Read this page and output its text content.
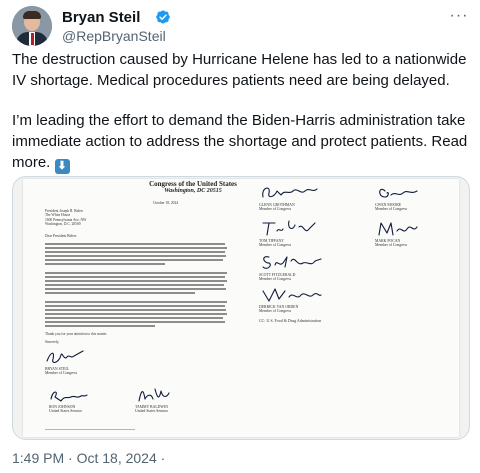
Bryan Steil
@RepBryanSteil
···
The destruction caused by Hurricane Helene has led to a nationwide IV shortage. Medical procedures patients need are being delayed.
I’m leading the effort to demand the Biden-Harris administration take immediate action to address the shortage and protect patients. Read more. ⬇
Congress of the United States
Washington, DC 20515
October 18, 2024
President Joseph R. Biden
The White House
1600 Pennsylvania Ave, NW
Washington, D.C. 20500
Dear President Biden:
Thank you for your attention to this matter.
Sincerely,
BRYAN STEIL
Member of Congress
RON JOHNSON
United States Senator
TAMMY BALDWIN
United States Senator
GLENN GROTHMAN
Member of Congress
GWEN MOORE
Member of Congress
TOM TIFFANY
Member of Congress
MARK POCAN
Member of Congress
SCOTT FITZGERALD
Member of Congress
DERRICK VAN ORDEN
Member of Congress
CC: U.S. Food & Drug Administration
1:49 PM · Oct 18, 2024 ·
